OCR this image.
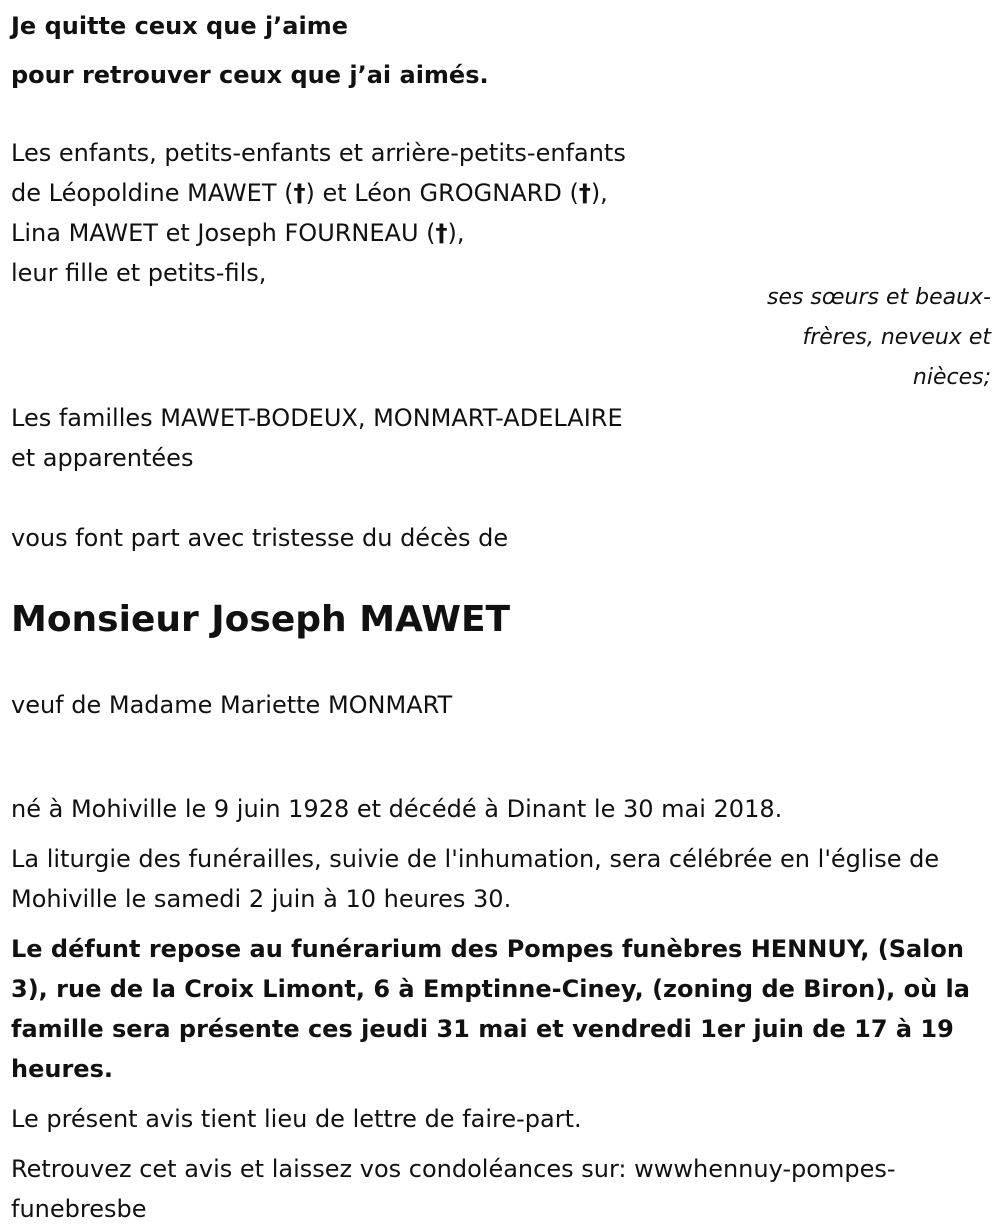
Je quitte ceux que j’aime

pour retrouver ceux que j’ai aimés.

Les enfants, petits-enfants et arrière-petits-enfants

de Léopoldine MAWET (†) et Léon GROGNARD (†),

Lina MAWET et Joseph FOURNEAU (†),

leur fille et petits-fils,

ses sœurs et beaux-
frères, neveux et
nièces;

Les familles MAWET-BODEUX, MONMART-ADELAIRE

et apparentées

vous font part avec tristesse du décès de

Monsieur Joseph MAWET

veuf de Madame Mariette MONMART

né à Mohiville le 9 juin 1928 et décédé à Dinant le 30 mai 2018.

La liturgie des funérailles, suivie de l'inhumation, sera célébrée en l'église de Mohiville le samedi 2 juin à 10 heures 30.

Le défunt repose au funérarium des Pompes funèbres HENNUY, (Salon 3), rue de la Croix Limont, 6 à Emptinne-Ciney, (zoning de Biron), où la famille sera présente ces jeudi 31 mai et vendredi 1er juin de 17 à 19 heures.

Le présent avis tient lieu de lettre de faire-part.

Retrouvez cet avis et laissez vos condoléances sur: wwwhennuy-pompes-funebresbe
